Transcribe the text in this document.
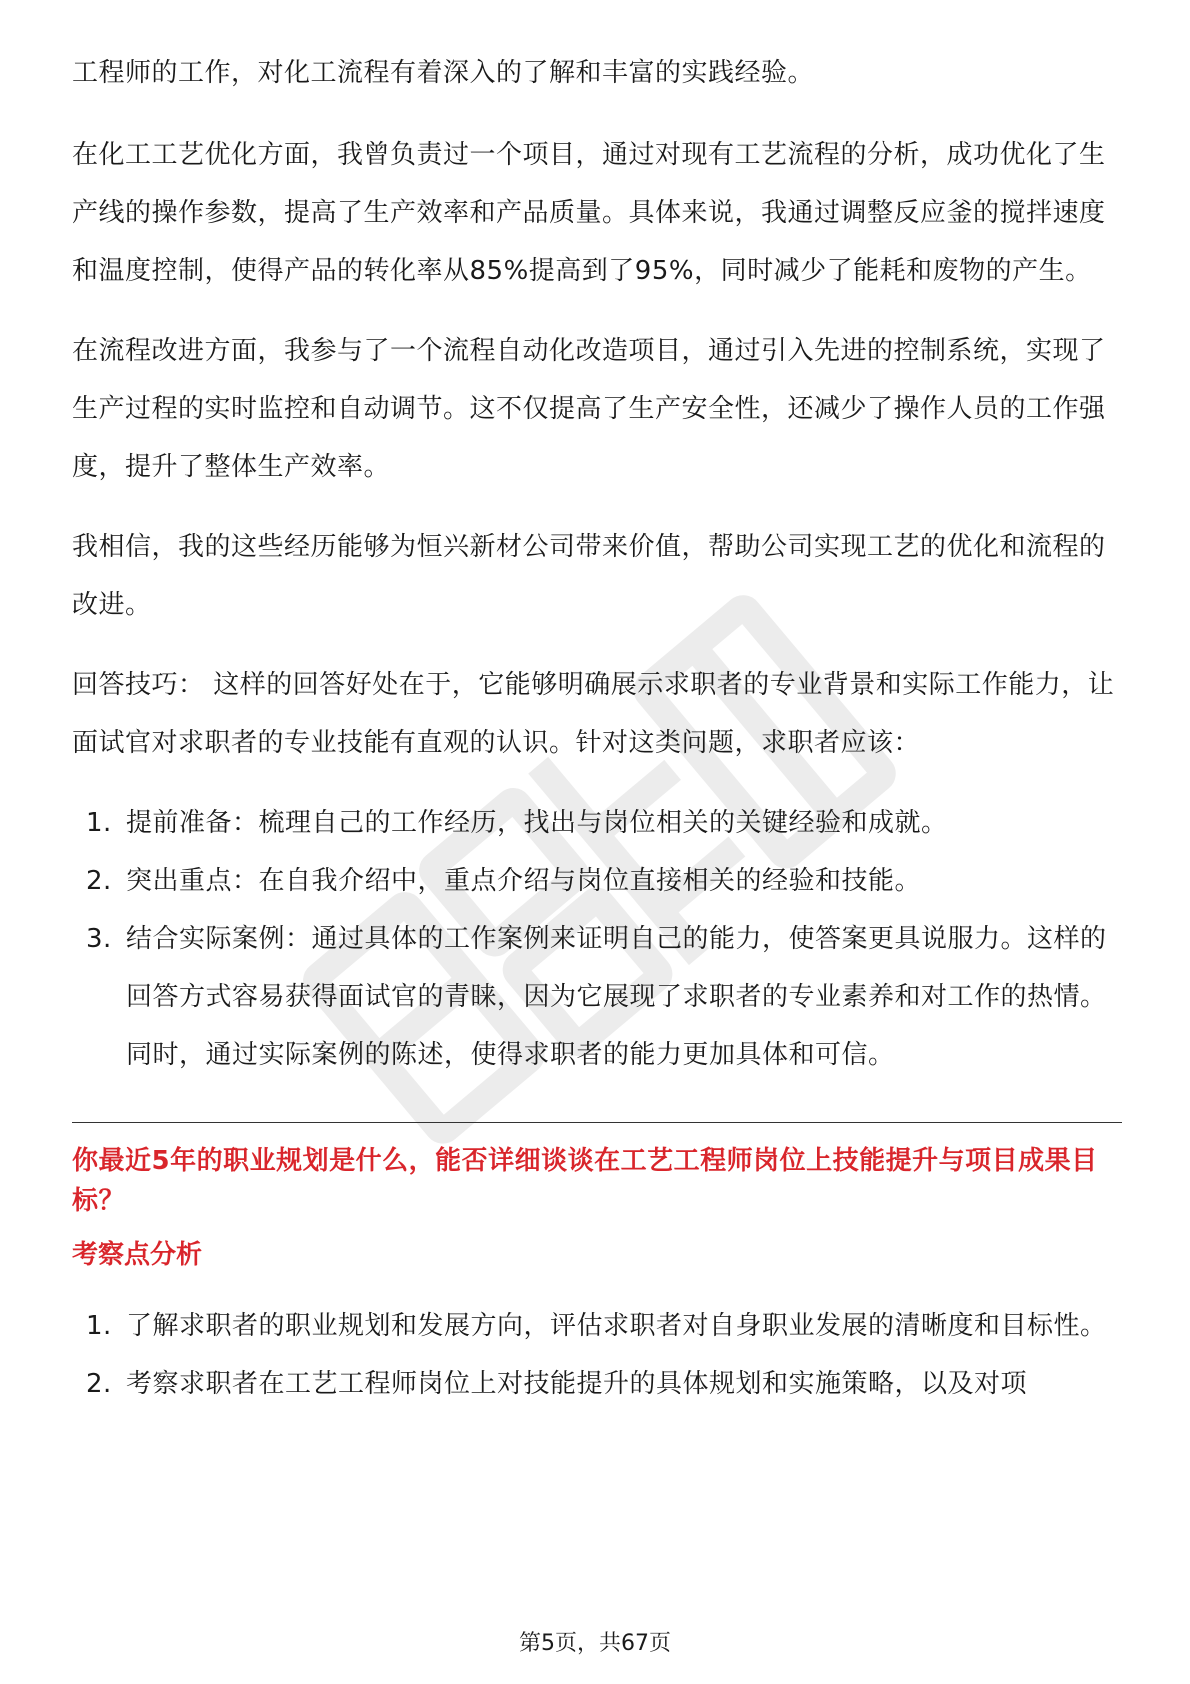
工程师的工作，对化工流程有着深入的了解和丰富的实践经验。

在化工工艺优化方面，我曾负责过一个项目，通过对现有工艺流程的分析，成功优化了生产线的操作参数，提高了生产效率和产品质量。具体来说，我通过调整反应釜的搅拌速度和温度控制，使得产品的转化率从85%提高到了95%，同时减少了能耗和废物的产生。

在流程改进方面，我参与了一个流程自动化改造项目，通过引入先进的控制系统，实现了生产过程的实时监控和自动调节。这不仅提高了生产安全性，还减少了操作人员的工作强度，提升了整体生产效率。

我相信，我的这些经历能够为恒兴新材公司带来价值，帮助公司实现工艺的优化和流程的改进。

回答技巧： 这样的回答好处在于，它能够明确展示求职者的专业背景和实际工作能力，让面试官对求职者的专业技能有直观的认识。针对这类问题，求职者应该：

1. 提前准备：梳理自己的工作经历，找出与岗位相关的关键经验和成就。
2. 突出重点：在自我介绍中，重点介绍与岗位直接相关的经验和技能。
3. 结合实际案例：通过具体的工作案例来证明自己的能力，使答案更具说服力。这样的回答方式容易获得面试官的青睐，因为它展现了求职者的专业素养和对工作的热情。同时，通过实际案例的陈述，使得求职者的能力更加具体和可信。

你最近5年的职业规划是什么，能否详细谈谈在工艺工程师岗位上技能提升与项目成果目标？

考察点分析

1. 了解求职者的职业规划和发展方向，评估求职者对自身职业发展的清晰度和目标性。
2. 考察求职者在工艺工程师岗位上对技能提升的具体规划和实施策略，以及对项
第5页，共67页
